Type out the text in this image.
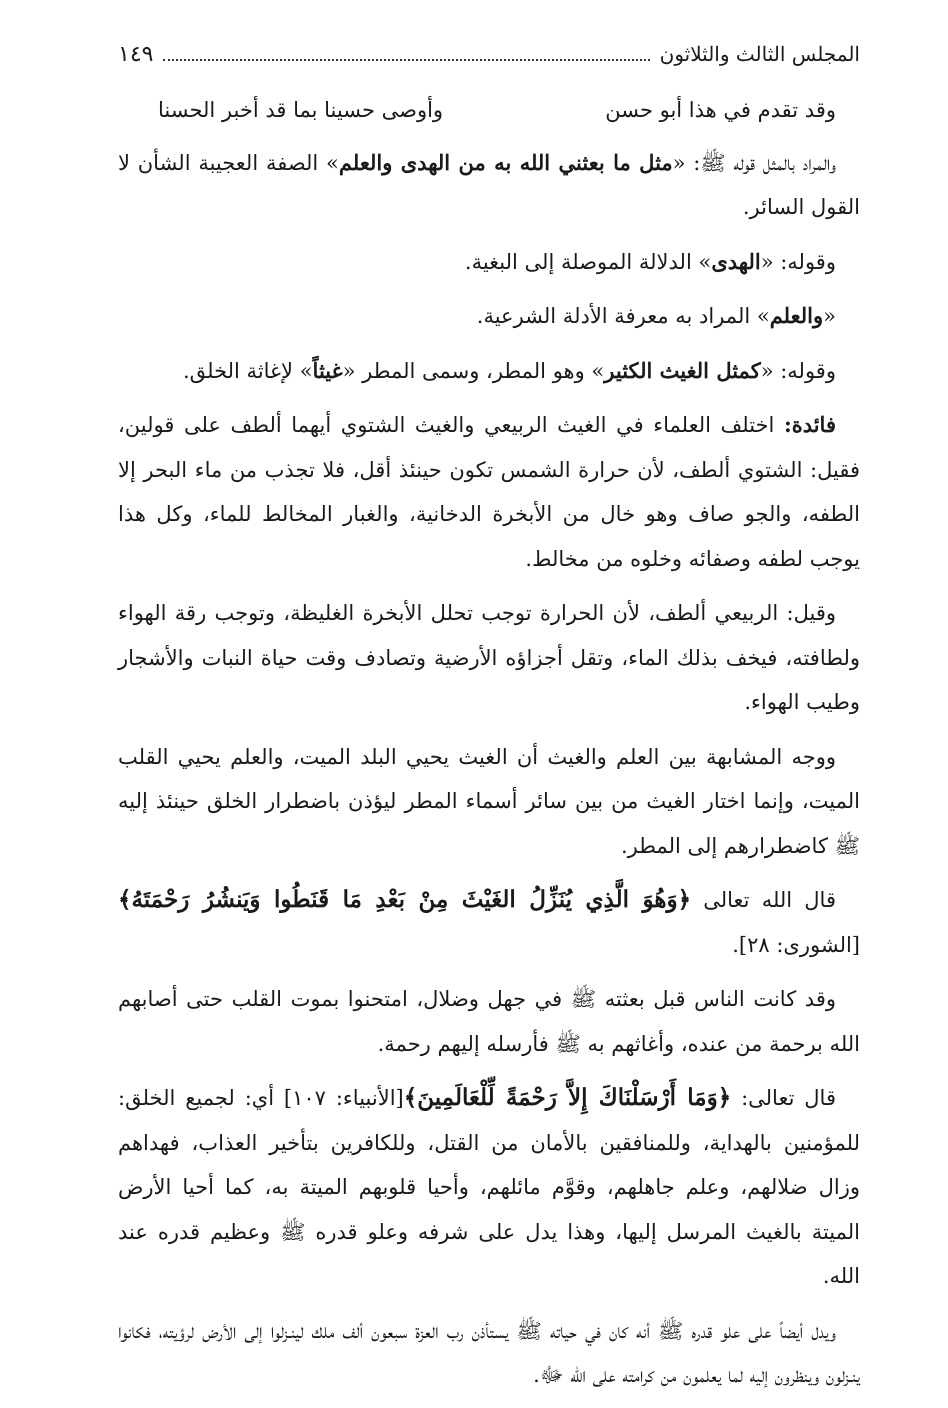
المجلس الثالث والثلاثون
١٤٩
وقد تقدم في هذا أبو حسن
وأوصى حسينا بما قد أخبر الحسنا

والمراد بالمثل قوله ﷺ: «مثل ما بعثني الله به من الهدى والعلم» الصفة العجيبة الشأن لا القول السائر.

وقوله: «الهدى» الدلالة الموصلة إلى البغية.

«والعلم» المراد به معرفة الأدلة الشرعية.

وقوله: «كمثل الغيث الكثير» وهو المطر، وسمى المطر «غيثاً» لإغاثة الخلق.

فائدة: اختلف العلماء في الغيث الربيعي والغيث الشتوي أيهما ألطف على قولين، فقيل: الشتوي ألطف، لأن حرارة الشمس تكون حينئذ أقل، فلا تجذب من ماء البحر إلا الطفه، والجو صاف وهو خال من الأبخرة الدخانية، والغبار المخالط للماء، وكل هذا يوجب لطفه وصفائه وخلوه من مخالط.

وقيل: الربيعي ألطف، لأن الحرارة توجب تحلل الأبخرة الغليظة، وتوجب رقة الهواء ولطافته، فيخف بذلك الماء، وتقل أجزاؤه الأرضية وتصادف وقت حياة النبات والأشجار وطيب الهواء.

ووجه المشابهة بين العلم والغيث أن الغيث يحيي البلد الميت، والعلم يحيي القلب الميت، وإنما اختار الغيث من بين سائر أسماء المطر ليؤذن باضطرار الخلق حينئذ إليه ﷺ كاضطرارهم إلى المطر.

قال الله تعالى ﴿وَهُوَ الَّذِي يُنَزِّلُ الغَيْثَ مِنْ بَعْدِ مَا قَنَطُوا وَيَنشُرُ رَحْمَتَهُ﴾[الشورى: ٢٨].

وقد كانت الناس قبل بعثته ﷺ في جهل وضلال، امتحنوا بموت القلب حتى أصابهم الله برحمة من عنده، وأغاثهم به ﷺ فأرسله إليهم رحمة.

قال تعالى: ﴿وَمَا أَرْسَلْنَاكَ إِلاَّ رَحْمَةً لِّلْعَالَمِينَ﴾[الأنبياء: ١٠٧] أي: لجميع الخلق: للمؤمنين بالهداية، وللمنافقين بالأمان من القتل، وللكافرين بتأخير العذاب، فهداهم وزال ضلالهم، وعلم جاهلهم، وقوَّم مائلهم، وأحيا قلوبهم الميتة به، كما أحيا الأرض الميتة بالغيث المرسل إليها، وهذا يدل على شرفه وعلو قدره ﷺ وعظيم قدره عند الله.

ويدل أيضاً على علو قدره ﷺ أنه كان في حياته ﷺ يستأذن رب العزة سبعون ألف ملك لينـزلوا إلى الأرض لرؤيته، فكانوا ينـزلون وينظرون إليه لما يعلمون من كرامته على الله ﷻ.
